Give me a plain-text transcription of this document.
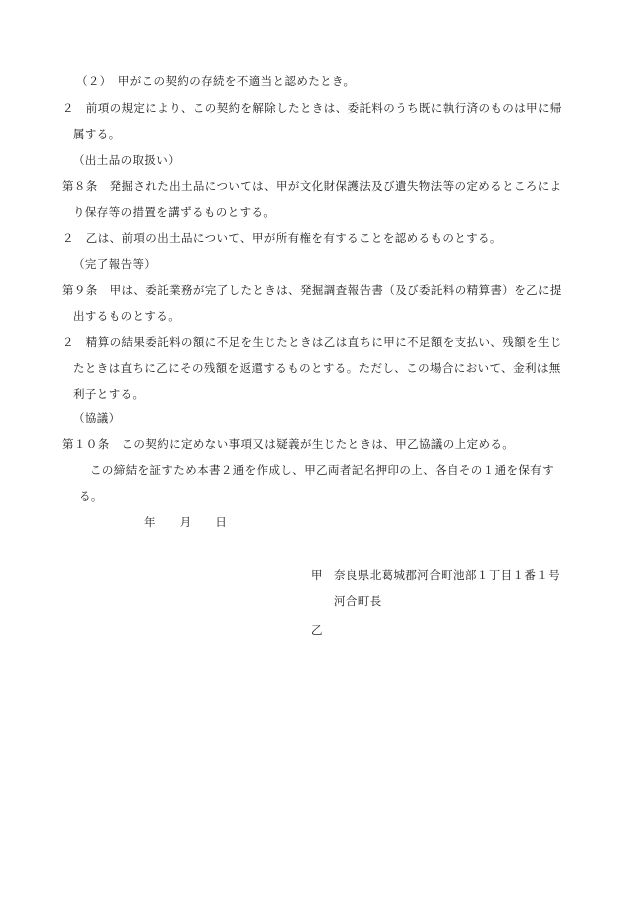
（２）　甲がこの契約の存続を不適当と認めたとき。
２　前項の規定により、この契約を解除したときは、委託料のうち既に執行済のものは甲に帰
属する。
（出土品の取扱い）
第８条　発掘された出土品については、甲が文化財保護法及び遺失物法等の定めるところによ
り保存等の措置を講ずるものとする。
２　乙は、前項の出土品について、甲が所有権を有することを認めるものとする。
（完了報告等）
第９条　甲は、委託業務が完了したときは、発掘調査報告書（及び委託料の精算書）を乙に提
出するものとする。
２　精算の結果委託料の額に不足を生じたときは乙は直ちに甲に不足額を支払い、残額を生じ
たときは直ちに乙にその残額を返還するものとする。ただし、この場合において、金利は無
利子とする。
（協議）
第１０条　この契約に定めない事項又は疑義が生じたときは、甲乙協議の上定める。
この締結を証すため本書２通を作成し、甲乙両者記名押印の上、各自その１通を保有す
る。
年　　月　　日
甲 奈良県北葛城郡河合町池部１丁目１番１号
河合町長
乙
